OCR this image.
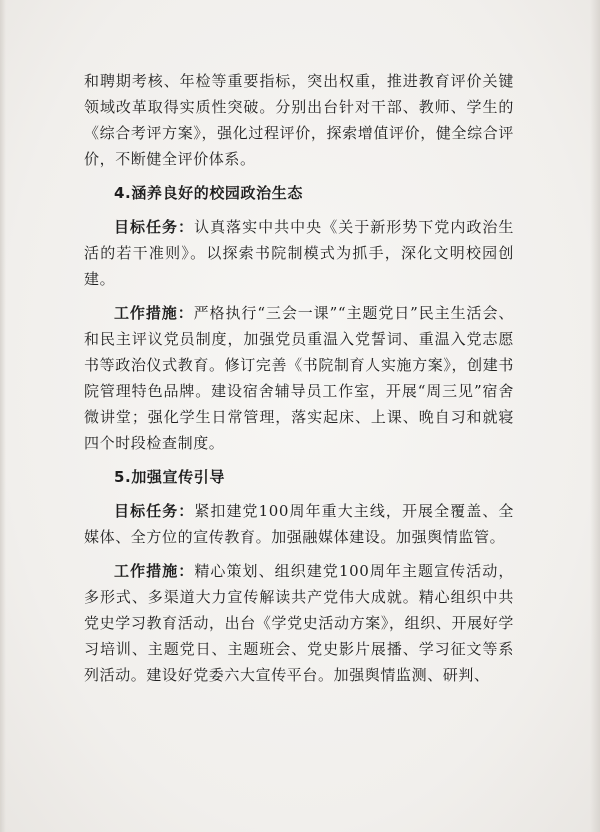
和聘期考核、年检等重要指标，突出权重，推进教育评价关键领域改革取得实质性突破。分别出台针对干部、教师、学生的《综合考评方案》，强化过程评价，探索增值评价，健全综合评价，不断健全评价体系。

4.涵养良好的校园政治生态

目标任务：认真落实中共中央《关于新形势下党内政治生活的若干准则》。以探索书院制模式为抓手，深化文明校园创建。

工作措施：严格执行“三会一课”“主题党日”民主生活会、和民主评议党员制度，加强党员重温入党誓词、重温入党志愿书等政治仪式教育。修订完善《书院制育人实施方案》，创建书院管理特色品牌。建设宿舍辅导员工作室，开展“周三见”宿舍微讲堂；强化学生日常管理，落实起床、上课、晚自习和就寝四个时段检查制度。

5.加强宣传引导

目标任务：紧扣建党100周年重大主线，开展全覆盖、全媒体、全方位的宣传教育。加强融媒体建设。加强舆情监管。

工作措施：精心策划、组织建党100周年主题宣传活动，多形式、多渠道大力宣传解读共产党伟大成就。精心组织中共党史学习教育活动，出台《学党史活动方案》，组织、开展好学习培训、主题党日、主题班会、党史影片展播、学习征文等系列活动。建设好党委六大宣传平台。加强舆情监测、研判、
